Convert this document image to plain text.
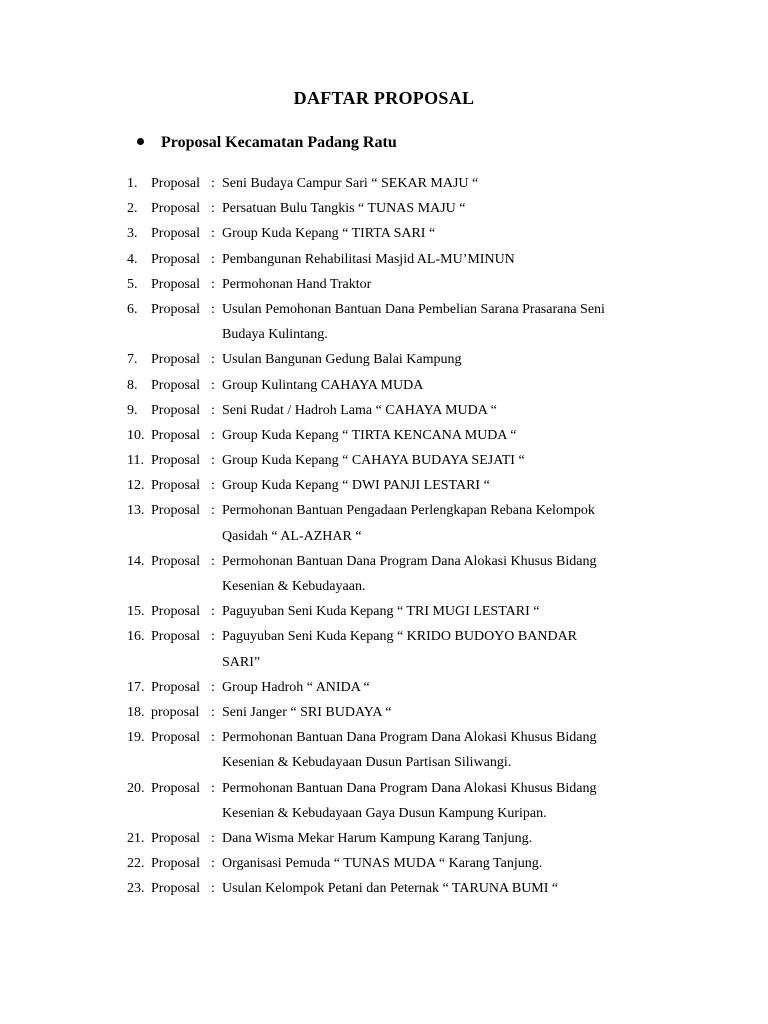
DAFTAR PROPOSAL
Proposal Kecamatan Padang Ratu
1. Proposal : Seni Budaya Campur Sari “ SEKAR MAJU “
2. Proposal : Persatuan Bulu Tangkis “ TUNAS MAJU “
3. Proposal : Group Kuda Kepang “ TIRTA SARI “
4. Proposal : Pembangunan Rehabilitasi Masjid AL-MU’MINUN
5. Proposal : Permohonan Hand Traktor
6. Proposal : Usulan Pemohonan Bantuan Dana Pembelian Sarana Prasarana Seni
Budaya Kulintang.
7. Proposal : Usulan Bangunan Gedung Balai Kampung
8. Proposal : Group Kulintang CAHAYA MUDA
9. Proposal : Seni Rudat / Hadroh Lama “ CAHAYA MUDA “
10. Proposal : Group Kuda Kepang “ TIRTA KENCANA MUDA “
11. Proposal : Group Kuda Kepang “ CAHAYA BUDAYA SEJATI “
12. Proposal : Group Kuda Kepang “ DWI PANJI LESTARI “
13. Proposal : Permohonan Bantuan Pengadaan Perlengkapan Rebana Kelompok
Qasidah “ AL-AZHAR “
14. Proposal : Permohonan Bantuan Dana Program Dana Alokasi Khusus Bidang
Kesenian & Kebudayaan.
15. Proposal : Paguyuban Seni Kuda Kepang “ TRI MUGI LESTARI “
16. Proposal : Paguyuban Seni Kuda Kepang “ KRIDO BUDOYO BANDAR
SARI”
17. Proposal : Group Hadroh “ ANIDA “
18. proposal : Seni Janger “ SRI BUDAYA “
19. Proposal : Permohonan Bantuan Dana Program Dana Alokasi Khusus Bidang
Kesenian & Kebudayaan Dusun Partisan Siliwangi.
20. Proposal : Permohonan Bantuan Dana Program Dana Alokasi Khusus Bidang
Kesenian & Kebudayaan Gaya Dusun Kampung Kuripan.
21. Proposal : Dana Wisma Mekar Harum Kampung Karang Tanjung.
22. Proposal : Organisasi Pemuda “ TUNAS MUDA “ Karang Tanjung.
23. Proposal : Usulan Kelompok Petani dan Peternak “ TARUNA BUMI “
